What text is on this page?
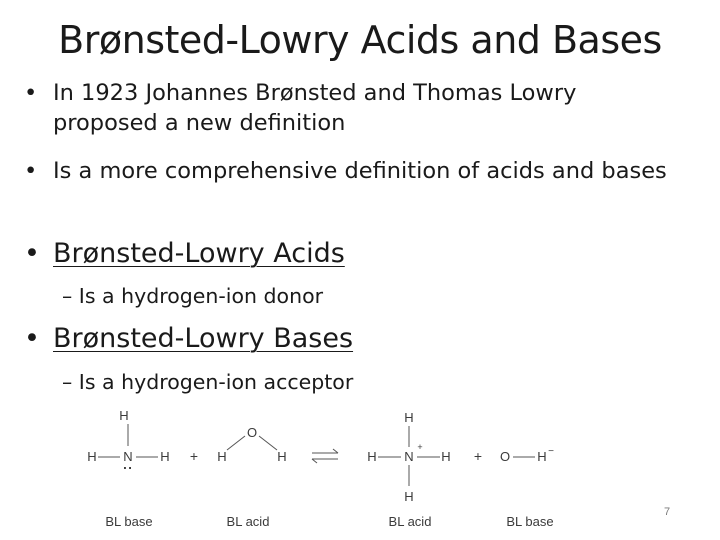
Brønsted-Lowry Acids and Bases
• In 1923 Johannes Brønsted and Thomas Lowry proposed a new definition
• Is a more comprehensive definition of acids and bases
• Brønsted-Lowry Acids
– Is a hydrogen-ion donor
• Brønsted-Lowry Bases
– Is a hydrogen-ion acceptor
H
H N H
:
+
O
H	H
H
H N
+
H
H
+ O H −
BL base	BL acid	BL acid	BL base
7
